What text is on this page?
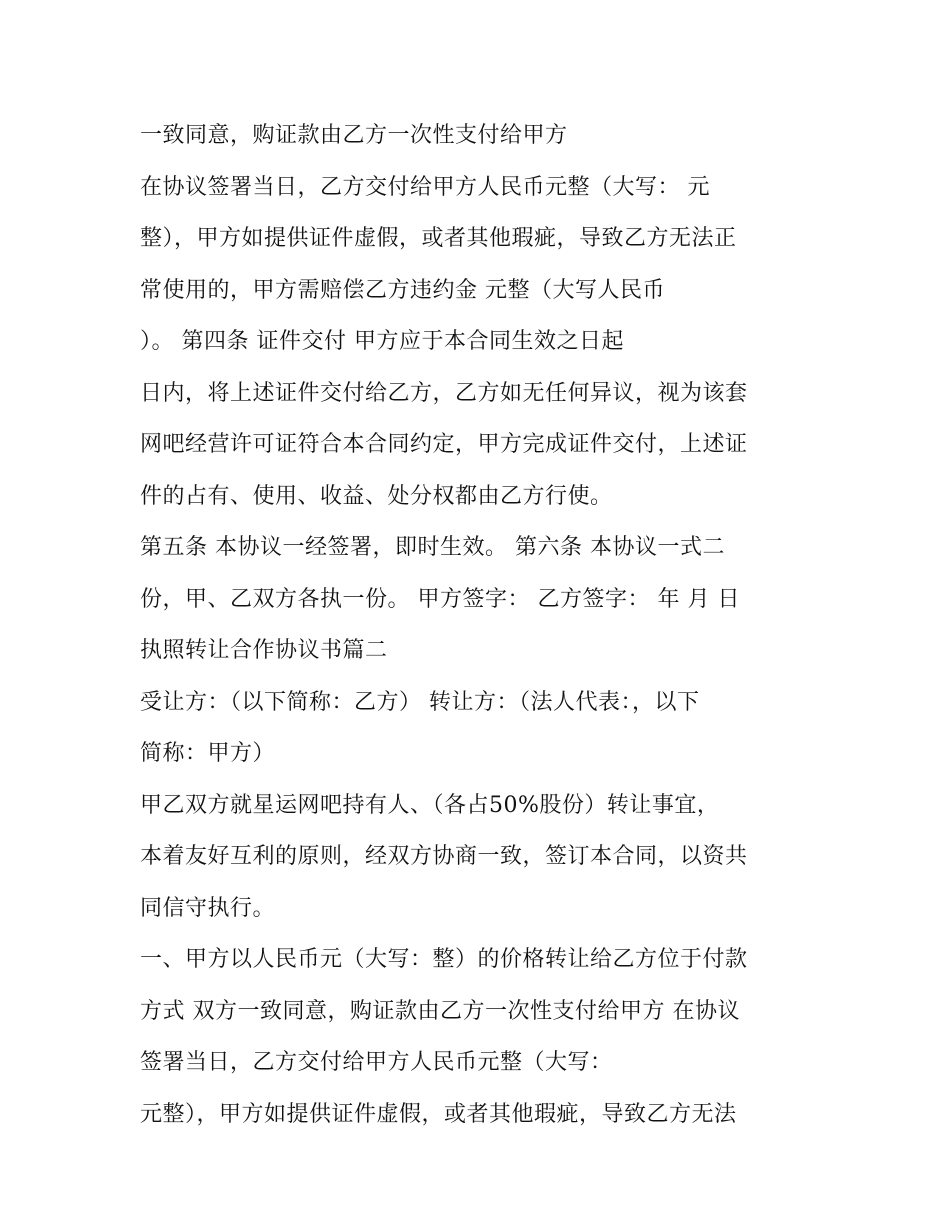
一致同意，购证款由乙方一次性支付给甲方
在协议签署当日，乙方交付给甲方人民币元整（大写： 元
整），甲方如提供证件虚假，或者其他瑕疵，导致乙方无法正
常使用的，甲方需赔偿乙方违约金 元整（大写人民币
）。 第四条 证件交付 甲方应于本合同生效之日起
日内，将上述证件交付给乙方，乙方如无任何异议，视为该套
网吧经营许可证符合本合同约定，甲方完成证件交付，上述证
件的占有、使用、收益、处分权都由乙方行使。
第五条 本协议一经签署，即时生效。 第六条 本协议一式二
份，甲、乙双方各执一份。 甲方签字： 乙方签字： 年 月 日
执照转让合作协议书篇二
受让方：（以下简称：乙方） 转让方：（法人代表：，以下
简称：甲方）
甲乙双方就星运网吧持有人、（各占50%股份）转让事宜，
本着友好互利的原则，经双方协商一致，签订本合同，以资共
同信守执行。
一、甲方以人民币元（大写：整）的价格转让给乙方位于付款
方式 双方一致同意，购证款由乙方一次性支付给甲方 在协议
签署当日，乙方交付给甲方人民币元整（大写：
元整），甲方如提供证件虚假，或者其他瑕疵，导致乙方无法
